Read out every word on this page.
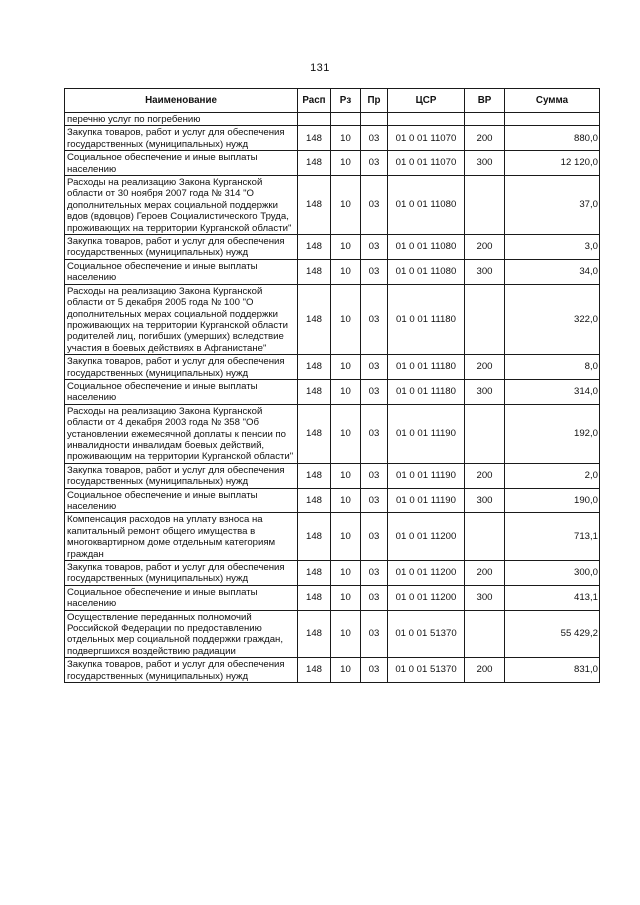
131
Наименование	Расп	Рз	Пр	ЦСР	ВР	Сумма
перечню услуг по погребению						
Закупка товаров, работ и услуг для обеспечения государственных (муниципальных) нужд	148	10	03	01 0 01 11070	200	880,0
Социальное обеспечение и иные выплаты населению	148	10	03	01 0 01 11070	300	12 120,0
Расходы на реализацию Закона Курганской области от 30 ноября 2007 года № 314 "О дополнительных мерах социальной поддержки вдов (вдовцов) Героев Социалистического Труда, проживающих на территории Курганской области"	148	10	03	01 0 01 11080		37,0
Закупка товаров, работ и услуг для обеспечения государственных (муниципальных) нужд	148	10	03	01 0 01 11080	200	3,0
Социальное обеспечение и иные выплаты населению	148	10	03	01 0 01 11080	300	34,0
Расходы на реализацию Закона Курганской области от 5 декабря 2005 года № 100 "О дополнительных мерах социальной поддержки проживающих на территории Курганской области родителей лиц, погибших (умерших) вследствие участия в боевых действиях в Афганистане"	148	10	03	01 0 01 11180		322,0
Закупка товаров, работ и услуг для обеспечения государственных (муниципальных) нужд	148	10	03	01 0 01 11180	200	8,0
Социальное обеспечение и иные выплаты населению	148	10	03	01 0 01 11180	300	314,0
Расходы на реализацию Закона Курганской области от 4 декабря 2003 года № 358 "Об установлении ежемесячной доплаты к пенсии по инвалидности инвалидам боевых действий, проживающим на территории Курганской области"	148	10	03	01 0 01 11190		192,0
Закупка товаров, работ и услуг для обеспечения государственных (муниципальных) нужд	148	10	03	01 0 01 11190	200	2,0
Социальное обеспечение и иные выплаты населению	148	10	03	01 0 01 11190	300	190,0
Компенсация расходов на уплату взноса на капитальный ремонт общего имущества в многоквартирном доме отдельным категориям граждан	148	10	03	01 0 01 11200		713,1
Закупка товаров, работ и услуг для обеспечения государственных (муниципальных) нужд	148	10	03	01 0 01 11200	200	300,0
Социальное обеспечение и иные выплаты населению	148	10	03	01 0 01 11200	300	413,1
Осуществление переданных полномочий Российской Федерации по предоставлению отдельных мер социальной поддержки граждан, подвергшихся воздействию радиации	148	10	03	01 0 01 51370		55 429,2
Закупка товаров, работ и услуг для обеспечения государственных (муниципальных) нужд	148	10	03	01 0 01 51370	200	831,0
